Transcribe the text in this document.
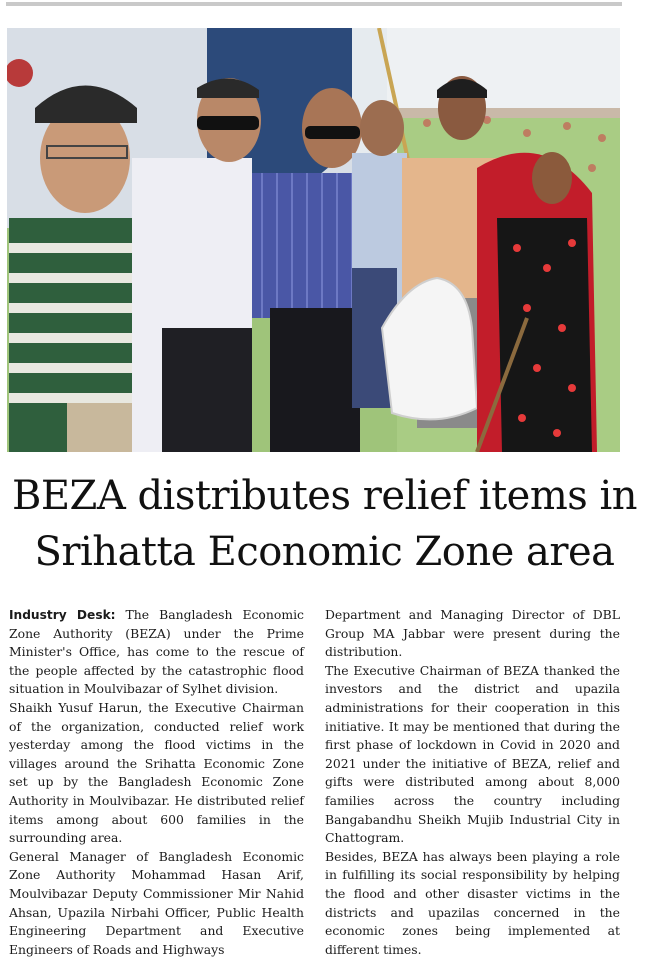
BEZA distributes relief items in
Srihatta Economic Zone area

Industry Desk: The Bangladesh Economic Zone Authority (BEZA) under the Prime Minister's Office, has come to the rescue of the people affected by the catastrophic flood situation in Moulvibazar of Sylhet division.

Shaikh Yusuf Harun, the Executive Chairman of the organization, conducted relief work yesterday among the flood victims in the villages around the Srihatta Economic Zone set up by the Bangladesh Economic Zone Authority in Moulvibazar. He distributed relief items among about 600 families in the surrounding area.

General Manager of Bangladesh Economic Zone Authority Mohammad Hasan Arif, Moulvibazar Deputy Commissioner Mir Nahid Ahsan, Upazila Nirbahi Officer, Public Health Engineering Department and Executive Engineers of Roads and Highways

Department and Managing Director of DBL Group MA Jabbar were present during the distribution.

The Executive Chairman of BEZA thanked the investors and the district and upazila administrations for their cooperation in this initiative. It may be mentioned that during the first phase of lockdown in Covid in 2020 and 2021 under the initiative of BEZA, relief and gifts were distributed among about 8,000 families across the country including Bangabandhu Sheikh Mujib Industrial City in Chattogram.

Besides, BEZA has always been playing a role in fulfilling its social responsibility by helping the flood and other disaster victims in the districts and upazilas concerned in the economic zones being implemented at different times.
